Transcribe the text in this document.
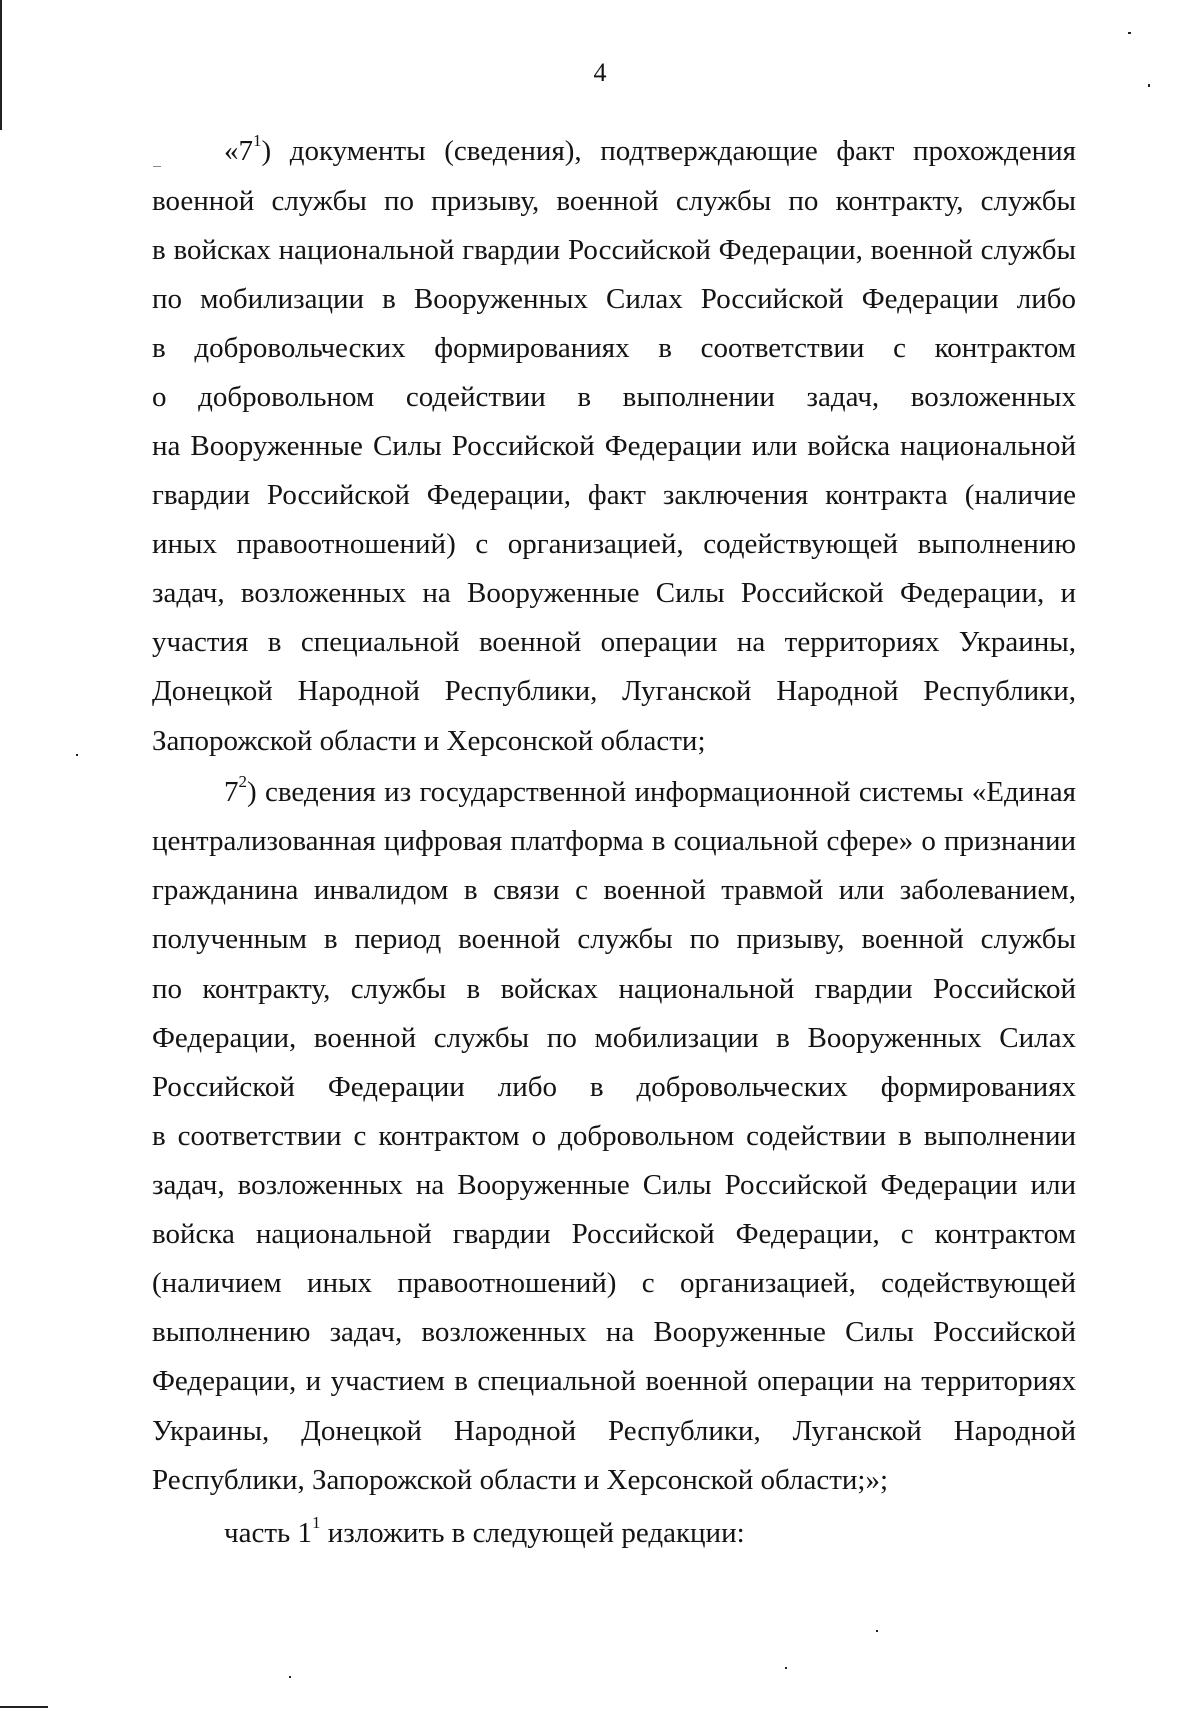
4
«$7^1$) документы (сведения), подтверждающие факт прохождения
военной службы по призыву, военной службы по контракту, службы
в войсках национальной гвардии Российской Федерации, военной службы
по мобилизации в Вооруженных Силах Российской Федерации либо
в добровольческих формированиях в соответствии с контрактом
о добровольном содействии в выполнении задач, возложенных
на Вооруженные Силы Российской Федерации или войска национальной
гвардии Российской Федерации, факт заключения контракта (наличие
иных правоотношений) с организацией, содействующей выполнению
задач, возложенных на Вооруженные Силы Российской Федерации, и
участия в специальной военной операции на территориях Украины,
Донецкой Народной Республики, Луганской Народной Республики,
Запорожской области и Херсонской области;
$7^2$) сведения из государственной информационной системы «Единая
централизованная цифровая платформа в социальной сфере» о признании
гражданина инвалидом в связи с военной травмой или заболеванием,
полученным в период военной службы по призыву, военной службы
по контракту, службы в войсках национальной гвардии Российской
Федерации, военной службы по мобилизации в Вооруженных Силах
Российской Федерации либо в добровольческих формированиях
в соответствии с контрактом о добровольном содействии в выполнении
задач, возложенных на Вооруженные Силы Российской Федерации или
войска национальной гвардии Российской Федерации, с контрактом
(наличием иных правоотношений) с организацией, содействующей
выполнению задач, возложенных на Вооруженные Силы Российской
Федерации, и участием в специальной военной операции на территориях
Украины, Донецкой Народной Республики, Луганской Народной
Республики, Запорожской области и Херсонской области;»;
часть $1^1$ изложить в следующей редакции:
